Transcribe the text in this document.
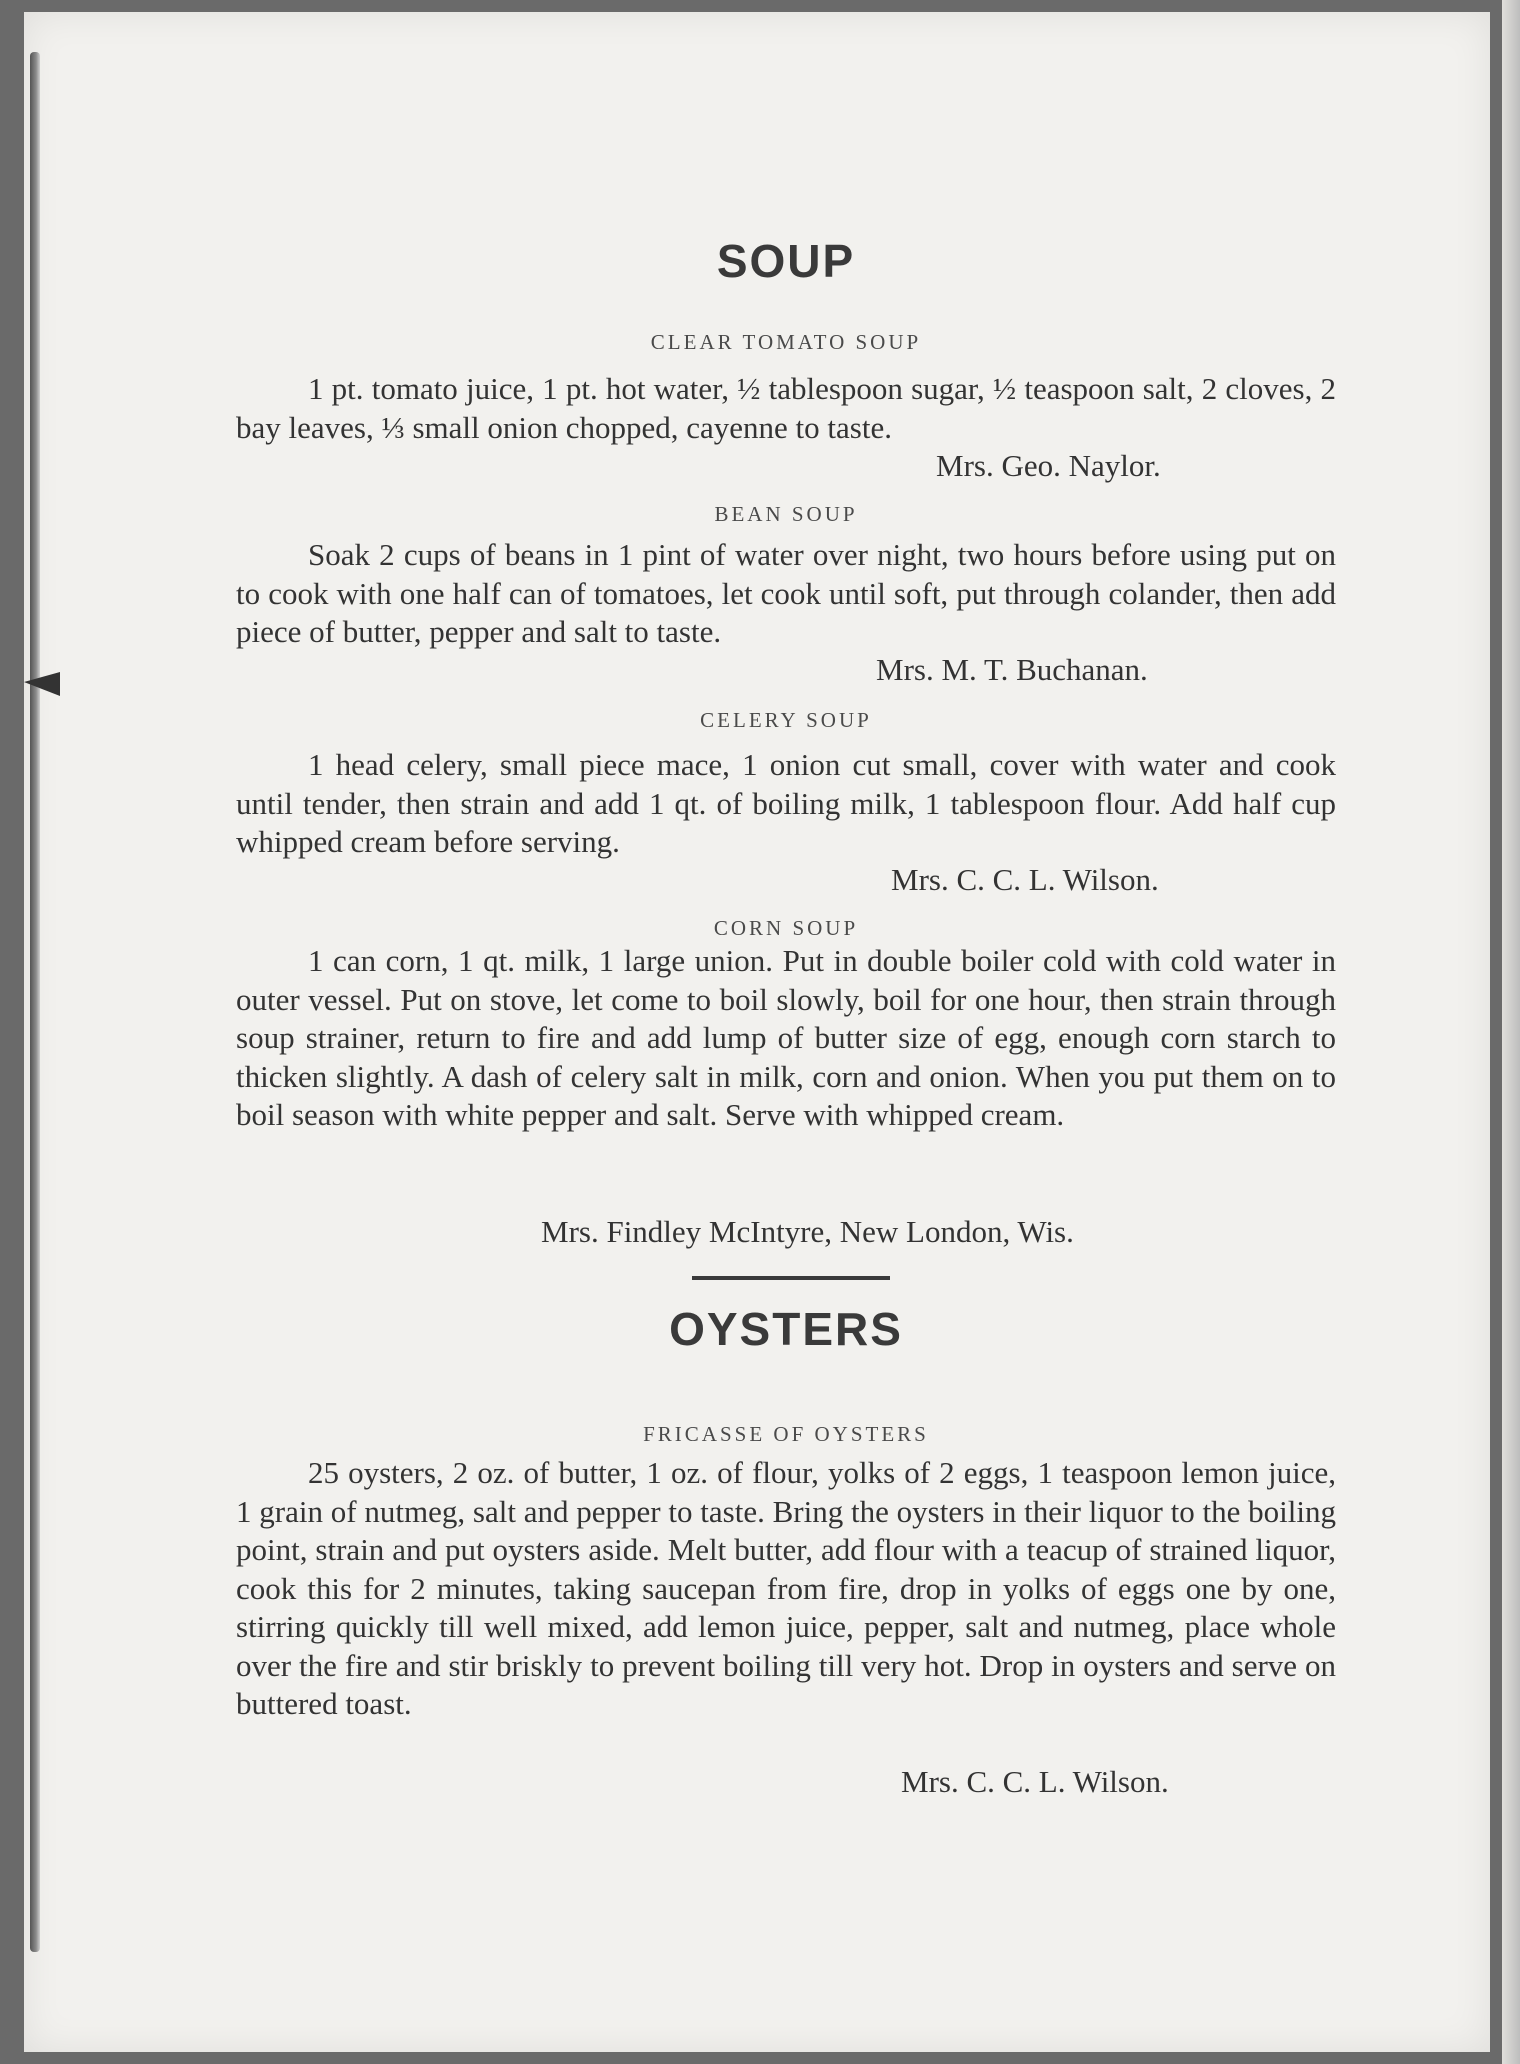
SOUP
CLEAR TOMATO SOUP
1 pt. tomato juice, 1 pt. hot water, ½ tablespoon sugar, ½ teaspoon salt, 2 cloves, 2 bay leaves, ⅓ small onion chopped, cayenne to taste.
Mrs. Geo. Naylor.
BEAN SOUP
Soak 2 cups of beans in 1 pint of water over night, two hours before using put on to cook with one half can of tomatoes, let cook until soft, put through colander, then add piece of butter, pepper and salt to taste.
Mrs. M. T. Buchanan.
CELERY SOUP
1 head celery, small piece mace, 1 onion cut small, cover with water and cook until tender, then strain and add 1 qt. of boiling milk, 1 tablespoon flour. Add half cup whipped cream before serving.
Mrs. C. C. L. Wilson.
CORN SOUP
1 can corn, 1 qt. milk, 1 large union. Put in double boiler cold with cold water in outer vessel. Put on stove, let come to boil slowly, boil for one hour, then strain through soup strainer, return to fire and add lump of butter size of egg, enough corn starch to thicken slightly. A dash of celery salt in milk, corn and onion. When you put them on to boil season with white pepper and salt. Serve with whipped cream.
Mrs. Findley McIntyre, New London, Wis.
OYSTERS
FRICASSE OF OYSTERS
25 oysters, 2 oz. of butter, 1 oz. of flour, yolks of 2 eggs, 1 teaspoon lemon juice, 1 grain of nutmeg, salt and pepper to taste. Bring the oysters in their liquor to the boiling point, strain and put oysters aside. Melt butter, add flour with a teacup of strained liquor, cook this for 2 minutes, taking saucepan from fire, drop in yolks of eggs one by one, stirring quickly till well mixed, add lemon juice, pepper, salt and nutmeg, place whole over the fire and stir briskly to prevent boiling till very hot. Drop in oysters and serve on buttered toast.
Mrs. C. C. L. Wilson.
